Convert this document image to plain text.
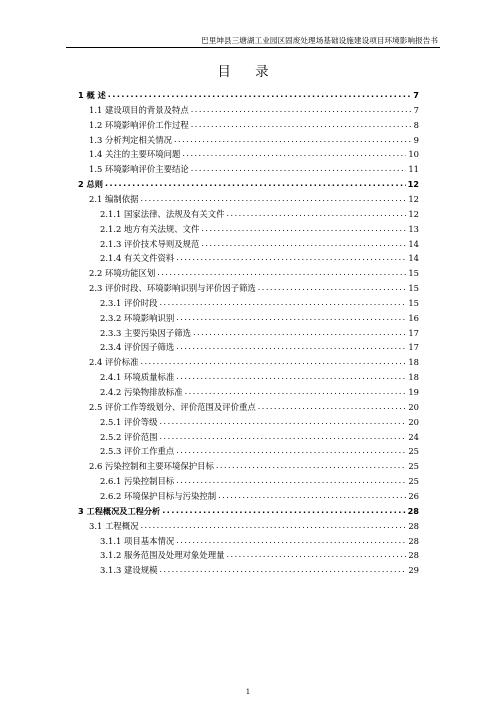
巴里坤县三塘湖工业园区固废处理场基础设施建设项目环境影响报告书
目 录
1 概 述 .....	7
1.1 建设项目的背景及特点 .....	7
1.2 环境影响评价工作过程 .....	8
1.3 分析判定相关情况 .....	9
1.4 关注的主要环境问题 .....	10
1.5 环境影响评价主要结论 .....	11
2 总则 .....	12
2.1 编制依据 .....	12
2.1.1 国家法律、法规及有关文件 .....	12
2.1.2 地方有关法规、文件 .....	13
2.1.3 评价技术导则及规范 .....	14
2.1.4 有关文件资料 .....	14
2.2 环境功能区划 .....	15
2.3 评价时段、环境影响识别与评价因子筛选 .....	15
2.3.1 评价时段 .....	15
2.3.2 环境影响识别 .....	16
2.3.3 主要污染因子筛选 .....	17
2.3.4 评价因子筛选 .....	17
2.4 评价标准 .....	18
2.4.1 环境质量标准 .....	18
2.4.2 污染物排放标准 .....	19
2.5 评价工作等级划分、评价范围及评价重点 .....	20
2.5.1 评价等级 .....	20
2.5.2 评价范围 .....	24
2.5.3 评价工作重点 .....	25
2.6 污染控制和主要环境保护目标 .....	25
2.6.1 污染控制目标 .....	25
2.6.2 环境保护目标与污染控制 .....	26
3 工程概况及工程分析 .....	28
3.1 工程概况 .....	28
3.1.1 项目基本情况 .....	28
3.1.2 服务范围及处理对象处理量 .....	28
3.1.3 建设规模 .....	29
1
